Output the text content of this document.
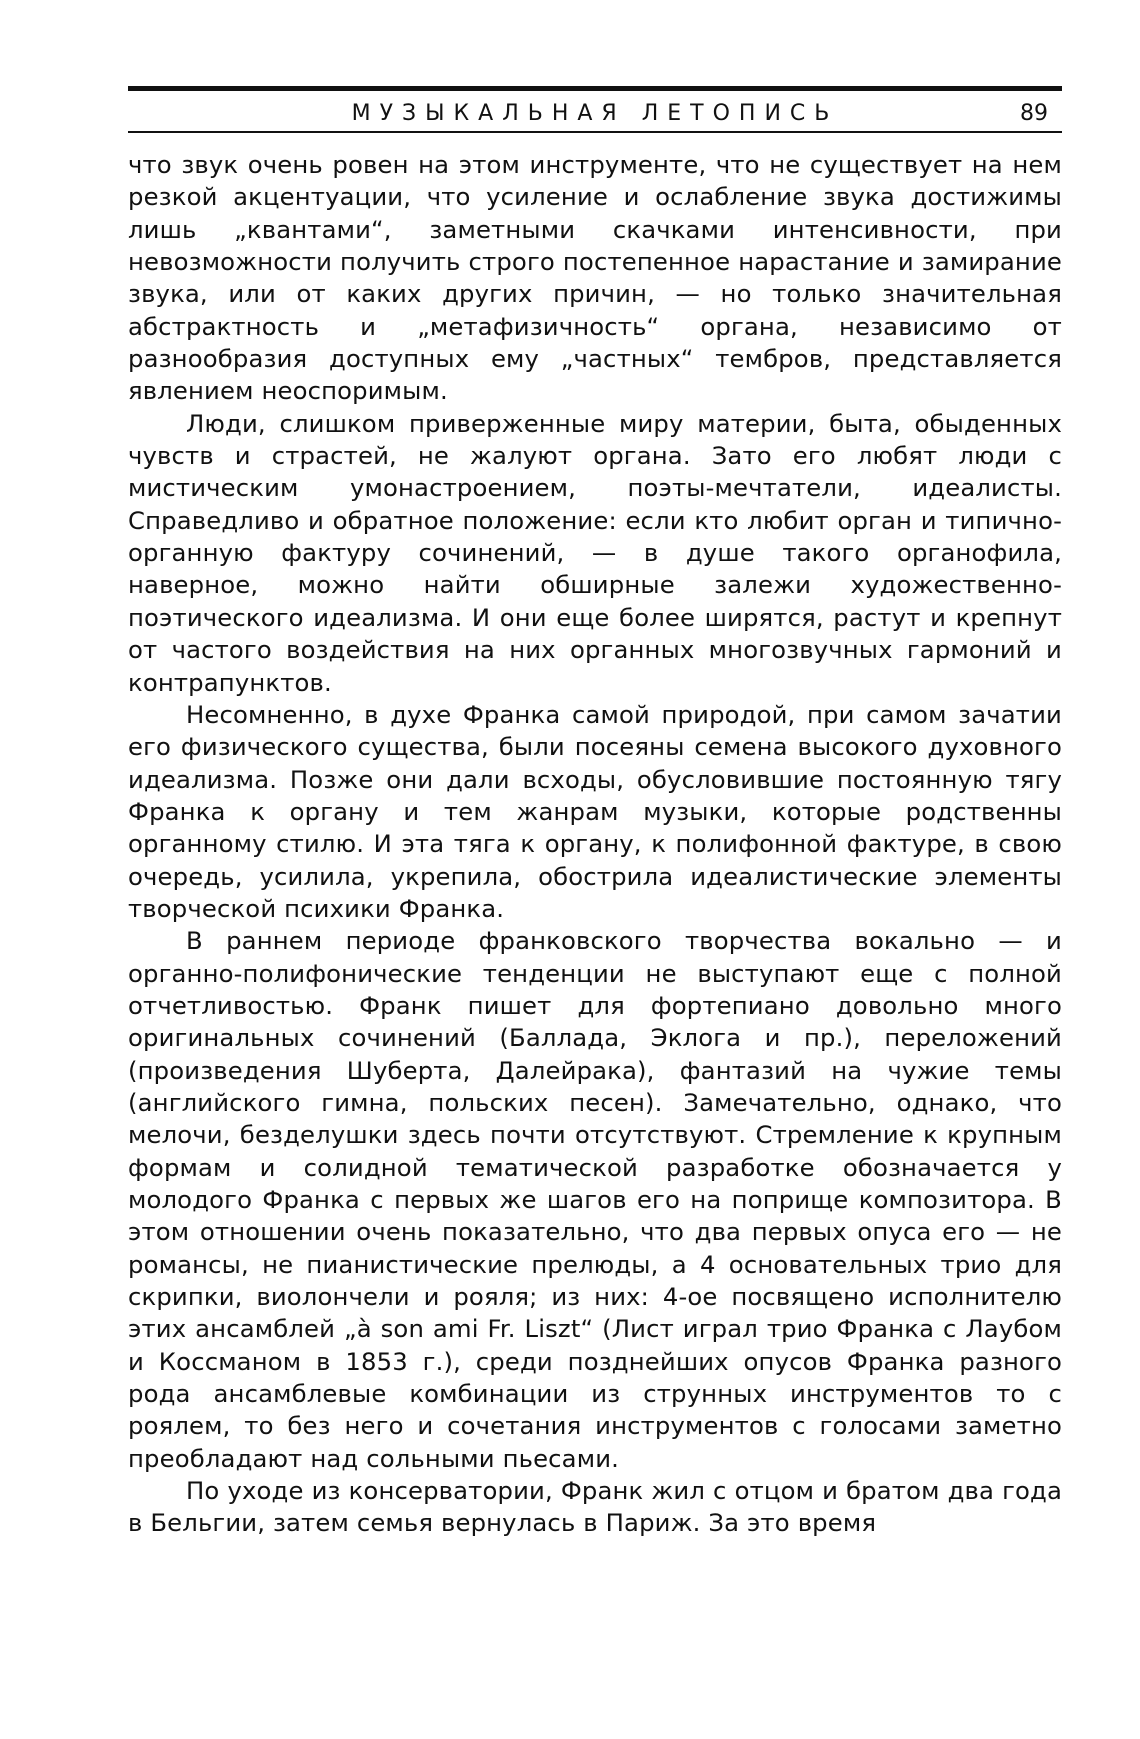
МУЗЫКАЛЬНАЯ ЛЕТОПИСЬ	89

что звук очень ровен на этом инструменте, что не существует на нем резкой акцентуации, что усиление и ослабление звука достижимы лишь „квантами“, заметными скачками интенсивности, при невозможности получить строго постепенное нарастание и замирание звука, или от каких других причин, — но только значительная абстрактность и „метафизичность“ органа, независимо от разнообразия доступных ему „частных“ тембров, представляется явлением неоспоримым.

Люди, слишком приверженные миру материи, быта, обыденных чувств и страстей, не жалуют органа. Зато его любят люди с мистическим умонастроением, поэты-мечтатели, идеалисты. Справедливо и обратное положение: если кто любит орган и типично-органную фактуру сочинений, — в душе такого органофила, наверное, можно найти обширные залежи художественно-поэтического идеализма. И они еще более ширятся, растут и крепнут от частого воздействия на них органных многозвучных гармоний и контрапунктов.

Несомненно, в духе Франка самой природой, при самом зачатии его физического существа, были посеяны семена высокого духовного идеализма. Позже они дали всходы, обусловившие постоянную тягу Франка к органу и тем жанрам музыки, которые родственны органному стилю. И эта тяга к органу, к полифонной фактуре, в свою очередь, усилила, укрепила, обострила идеалистические элементы творческой психики Франка.

В раннем периоде франковского творчества вокально — и органно-полифонические тенденции не выступают еще с полной отчетливостью. Франк пишет для фортепиано довольно много оригинальных сочинений (Баллада, Эклога и пр.), переложений (произведения Шуберта, Далейрака), фантазий на чужие темы (английского гимна, польских песен). Замечательно, однако, что мелочи, безделушки здесь почти отсутствуют. Стремление к крупным формам и солидной тематической разработке обозначается у молодого Франка с первых же шагов его на поприще композитора. В этом отношении очень показательно, что два первых опуса его — не романсы, не пианистические прелюды, а 4 основательных трио для скрипки, виолончели и рояля; из них: 4-ое посвящено исполнителю этих ансамблей „à son ami Fr. Liszt“ (Лист играл трио Франка с Лаубом и Коссманом в 1853 г.), среди позднейших опусов Франка разного рода ансамблевые комбинации из струнных инструментов то с роялем, то без него и сочетания инструментов с голосами заметно преобладают над сольными пьесами.

По уходе из консерватории, Франк жил с отцом и братом два года в Бельгии, затем семья вернулась в Париж. За это время
